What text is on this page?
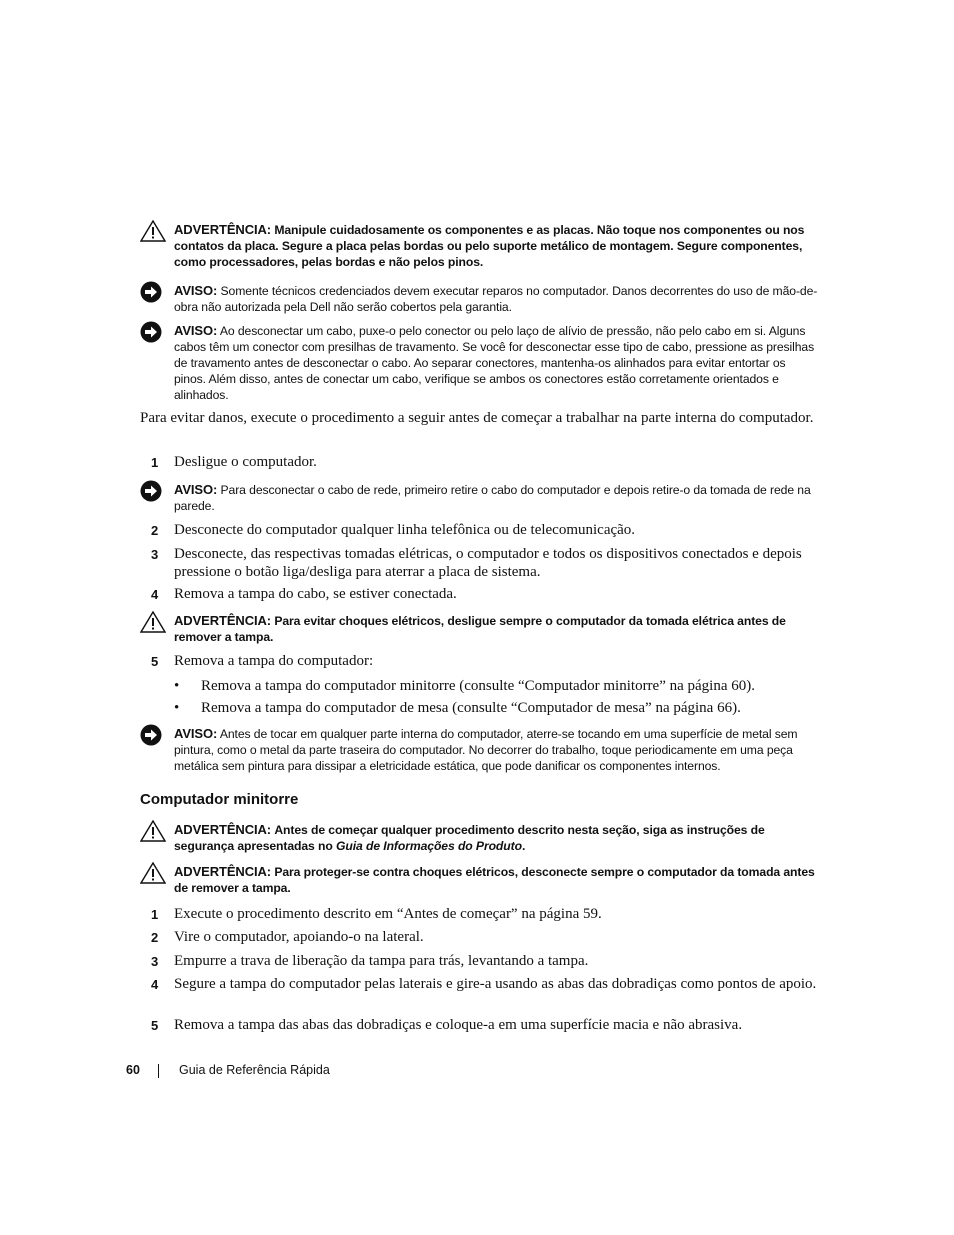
ADVERTÊNCIA: Manipule cuidadosamente os componentes e as placas. Não toque nos componentes ou nos contatos da placa. Segure a placa pelas bordas ou pelo suporte metálico de montagem. Segure componentes, como processadores, pelas bordas e não pelos pinos.
AVISO: Somente técnicos credenciados devem executar reparos no computador. Danos decorrentes do uso de mão-de-obra não autorizada pela Dell não serão cobertos pela garantia.
AVISO: Ao desconectar um cabo, puxe-o pelo conector ou pelo laço de alívio de pressão, não pelo cabo em si. Alguns cabos têm um conector com presilhas de travamento. Se você for desconectar esse tipo de cabo, pressione as presilhas de travamento antes de desconectar o cabo. Ao separar conectores, mantenha-os alinhados para evitar entortar os pinos. Além disso, antes de conectar um cabo, verifique se ambos os conectores estão corretamente orientados e alinhados.
Para evitar danos, execute o procedimento a seguir antes de começar a trabalhar na parte interna do computador.
1 Desligue o computador.
AVISO: Para desconectar o cabo de rede, primeiro retire o cabo do computador e depois retire-o da tomada de rede na parede.
2 Desconecte do computador qualquer linha telefônica ou de telecomunicação.
3 Desconecte, das respectivas tomadas elétricas, o computador e todos os dispositivos conectados e depois pressione o botão liga/desliga para aterrar a placa de sistema.
4 Remova a tampa do cabo, se estiver conectada.
ADVERTÊNCIA: Para evitar choques elétricos, desligue sempre o computador da tomada elétrica antes de remover a tampa.
5 Remova a tampa do computador:
• Remova a tampa do computador minitorre (consulte “Computador minitorre” na página 60).
• Remova a tampa do computador de mesa (consulte “Computador de mesa” na página 66).
AVISO: Antes de tocar em qualquer parte interna do computador, aterre-se tocando em uma superfície de metal sem pintura, como o metal da parte traseira do computador. No decorrer do trabalho, toque periodicamente em uma peça metálica sem pintura para dissipar a eletricidade estática, que pode danificar os componentes internos.
Computador minitorre
ADVERTÊNCIA: Antes de começar qualquer procedimento descrito nesta seção, siga as instruções de segurança apresentadas no Guia de Informações do Produto.
ADVERTÊNCIA: Para proteger-se contra choques elétricos, desconecte sempre o computador da tomada antes de remover a tampa.
1 Execute o procedimento descrito em “Antes de começar” na página 59.
2 Vire o computador, apoiando-o na lateral.
3 Empurre a trava de liberação da tampa para trás, levantando a tampa.
4 Segure a tampa do computador pelas laterais e gire-a usando as abas das dobradiças como pontos de apoio.
5 Remova a tampa das abas das dobradiças e coloque-a em uma superfície macia e não abrasiva.
60	Guia de Referência Rápida
